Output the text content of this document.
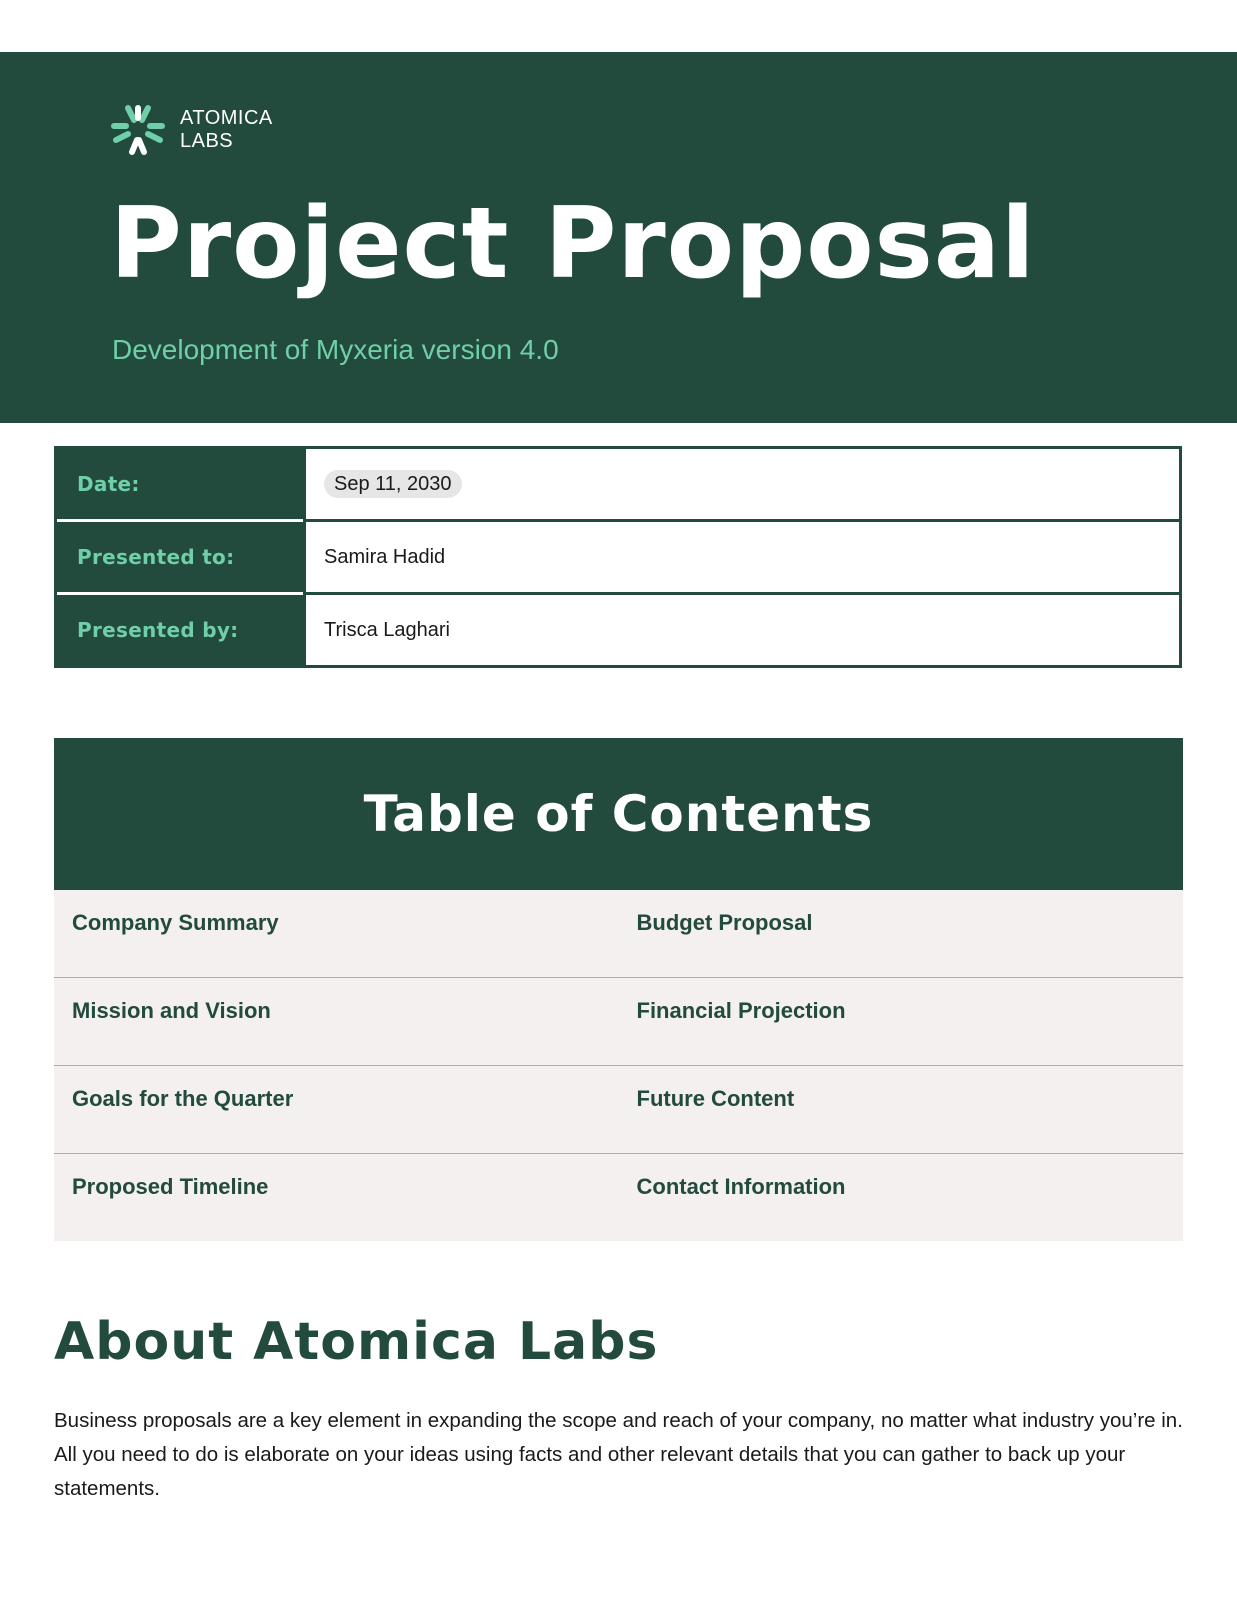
ATOMICA
LABS
Project Proposal

Development of Myxeria version 4.0

Date:	Sep 11, 2030
Presented to:	Samira Hadid
Presented by:	Trisca Laghari
Table of Contents
Company Summary	Budget Proposal
Mission and Vision	Financial Projection
Goals for the Quarter	Future Content
Proposed Timeline	Contact Information
About Atomica Labs

Business proposals are a key element in expanding the scope and reach of your company, no matter what industry you’re in. All you need to do is elaborate on your ideas using facts and other relevant details that you can gather to back up your statements.
